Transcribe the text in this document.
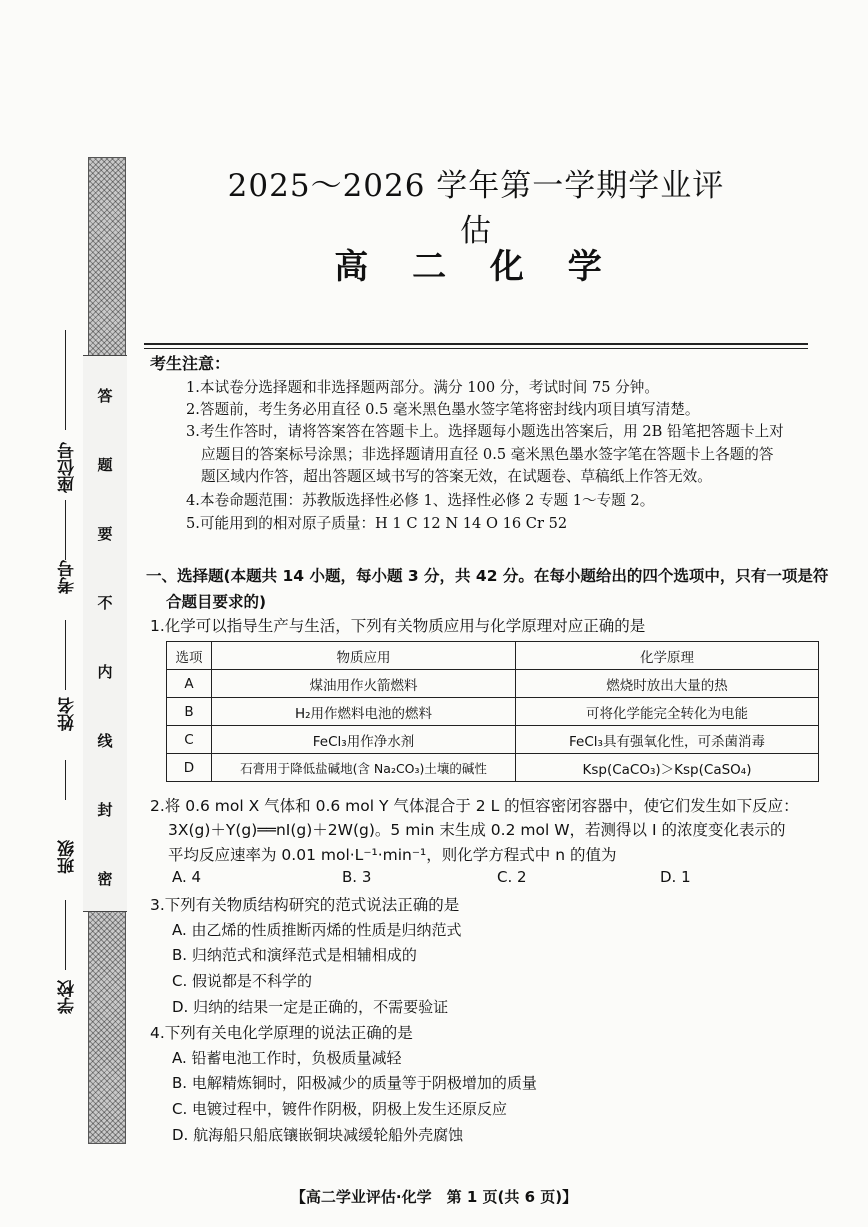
密
封
线
内
不
要
题
答
座位号
考号
姓名
班级
学校
2025～2026 学年第一学期学业评估
高 二 化 学
考生注意：
1.本试卷分选择题和非选择题两部分。满分 100 分，考试时间 75 分钟。
2.答题前，考生务必用直径 0.5 毫米黑色墨水签字笔将密封线内项目填写清楚。
3.考生作答时，请将答案答在答题卡上。选择题每小题选出答案后，用 2B 铅笔把答题卡上对
应题目的答案标号涂黑；非选择题请用直径 0.5 毫米黑色墨水签字笔在答题卡上各题的答
题区域内作答，超出答题区域书写的答案无效，在试题卷、草稿纸上作答无效。
4.本卷命题范围：苏教版选择性必修 1、选择性必修 2 专题 1～专题 2。
5.可能用到的相对原子质量：H 1 C 12 N 14 O 16 Cr 52
一、选择题(本题共 14 小题，每小题 3 分，共 42 分。在每小题给出的四个选项中，只有一项是符
合题目要求的)
1.化学可以指导生产与生活，下列有关物质应用与化学原理对应正确的是
选项	物质应用	化学原理
A	煤油用作火箭燃料	燃烧时放出大量的热
B	H₂用作燃料电池的燃料	可将化学能完全转化为电能
C	FeCl₃用作净水剂	FeCl₃具有强氧化性，可杀菌消毒
D	石膏用于降低盐碱地(含 Na₂CO₃)土壤的碱性	Ksp(CaCO₃)＞Ksp(CaSO₄)
2.将 0.6 mol X 气体和 0.6 mol Y 气体混合于 2 L 的恒容密闭容器中，使它们发生如下反应：
3X(g)＋Y(g)══nI(g)＋2W(g)。5 min 末生成 0.2 mol W，若测得以 I 的浓度变化表示的
平均反应速率为 0.01 mol·L⁻¹·min⁻¹，则化学方程式中 n 的值为
A. 4	B. 3	C. 2	D. 1
3.下列有关物质结构研究的范式说法正确的是
A. 由乙烯的性质推断丙烯的性质是归纳范式
B. 归纳范式和演绎范式是相辅相成的
C. 假说都是不科学的
D. 归纳的结果一定是正确的，不需要验证
4.下列有关电化学原理的说法正确的是
A. 铅蓄电池工作时，负极质量减轻
B. 电解精炼铜时，阳极减少的质量等于阴极增加的质量
C. 电镀过程中，镀件作阴极，阴极上发生还原反应
D. 航海船只船底镶嵌铜块减缓轮船外壳腐蚀
【高二学业评估·化学　第 1 页(共 6 页)】
